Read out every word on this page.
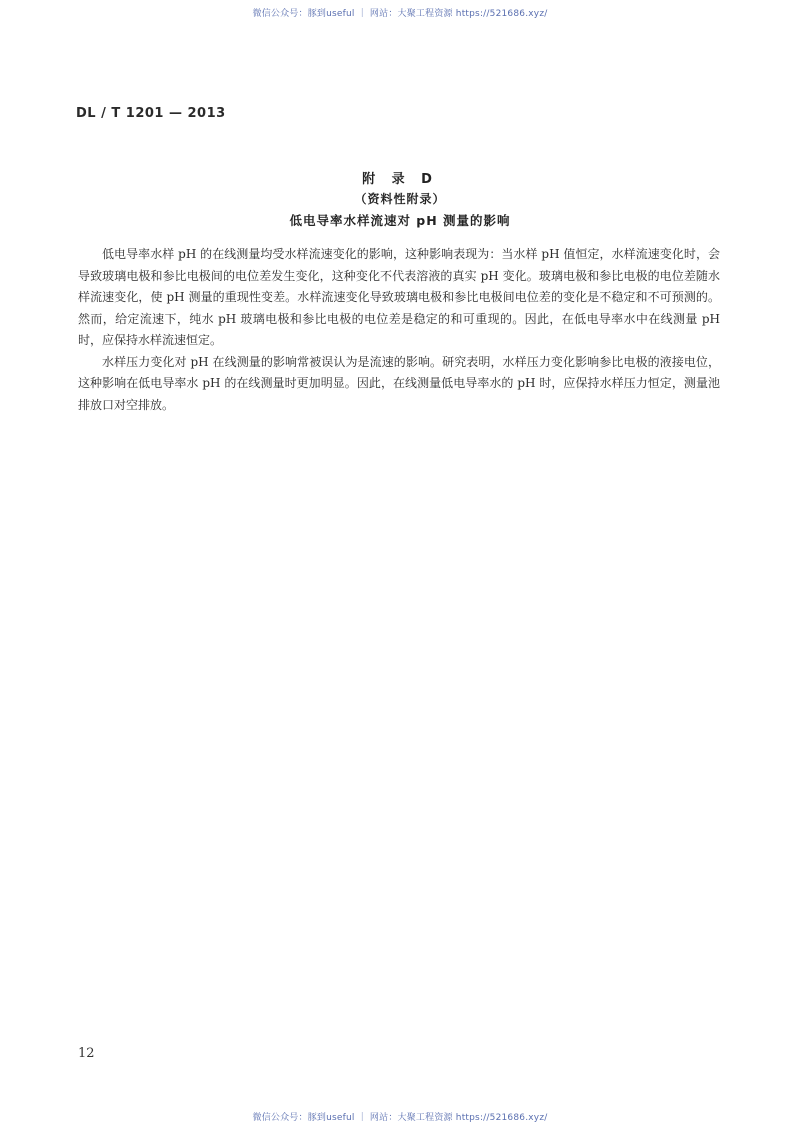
微信公众号：豚到useful ｜ 网站：大聚工程资源 https://521686.xyz/
DL / T 1201 — 2013
附 录 D
（资料性附录）
低电导率水样流速对 pH 测量的影响

低电导率水样 pH 的在线测量均受水样流速变化的影响，这种影响表现为：当水样 pH 值恒定，水样流速变化时，会导致玻璃电极和参比电极间的电位差发生变化，这种变化不代表溶液的真实 pH 变化。玻璃电极和参比电极的电位差随水样流速变化，使 pH 测量的重现性变差。水样流速变化导致玻璃电极和参比电极间电位差的变化是不稳定和不可预测的。然而，给定流速下，纯水 pH 玻璃电极和参比电极的电位差是稳定的和可重现的。因此，在低电导率水中在线测量 pH 时，应保持水样流速恒定。

水样压力变化对 pH 在线测量的影响常被误认为是流速的影响。研究表明，水样压力变化影响参比电极的液接电位，这种影响在低电导率水 pH 的在线测量时更加明显。因此，在线测量低电导率水的 pH 时，应保持水样压力恒定，测量池排放口对空排放。

12
微信公众号：豚到useful ｜ 网站：大聚工程资源 https://521686.xyz/
